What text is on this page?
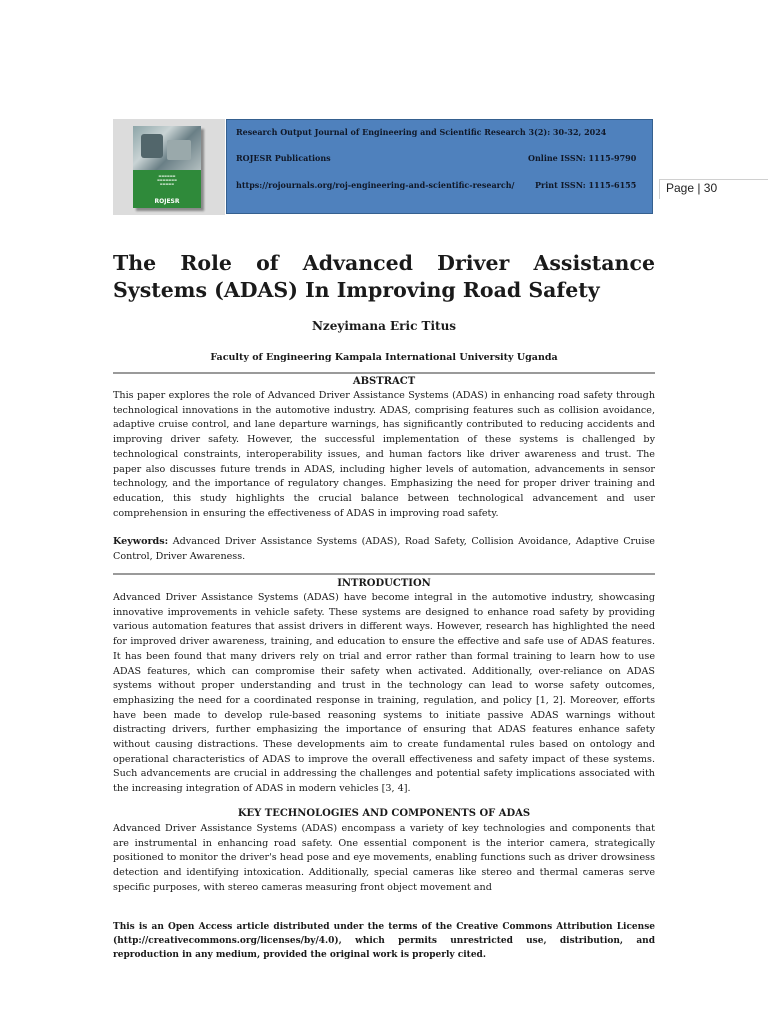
▬▬▬▬▬▬
▬▬▬▬▬▬▬
▬▬▬▬▬
ROJESR
Research Output Journal of Engineering and Scientific Research 3(2): 30-32, 2024
ROJESR Publications	Online ISSN: 1115-9790
https://rojournals.org/roj-engineering-and-scientific-research/	Print ISSN: 1115-6155 Page | 30
The Role of Advanced Driver Assistance Systems (ADAS) In Improving Road Safety
Nzeyimana Eric Titus
Faculty of Engineering Kampala International University Uganda
ABSTRACT

This paper explores the role of Advanced Driver Assistance Systems (ADAS) in enhancing road safety through technological innovations in the automotive industry. ADAS, comprising features such as collision avoidance, adaptive cruise control, and lane departure warnings, has significantly contributed to reducing accidents and improving driver safety. However, the successful implementation of these systems is challenged by technological constraints, interoperability issues, and human factors like driver awareness and trust. The paper also discusses future trends in ADAS, including higher levels of automation, advancements in sensor technology, and the importance of regulatory changes. Emphasizing the need for proper driver training and education, this study highlights the crucial balance between technological advancement and user comprehension in ensuring the effectiveness of ADAS in improving road safety.

Keywords: Advanced Driver Assistance Systems (ADAS), Road Safety, Collision Avoidance, Adaptive Cruise Control, Driver Awareness.

INTRODUCTION

Advanced Driver Assistance Systems (ADAS) have become integral in the automotive industry, showcasing innovative improvements in vehicle safety. These systems are designed to enhance road safety by providing various automation features that assist drivers in different ways. However, research has highlighted the need for improved driver awareness, training, and education to ensure the effective and safe use of ADAS features. It has been found that many drivers rely on trial and error rather than formal training to learn how to use ADAS features, which can compromise their safety when activated. Additionally, over-reliance on ADAS systems without proper understanding and trust in the technology can lead to worse safety outcomes, emphasizing the need for a coordinated response in training, regulation, and policy [1, 2]. Moreover, efforts have been made to develop rule-based reasoning systems to initiate passive ADAS warnings without distracting drivers, further emphasizing the importance of ensuring that ADAS features enhance safety without causing distractions. These developments aim to create fundamental rules based on ontology and operational characteristics of ADAS to improve the overall effectiveness and safety impact of these systems. Such advancements are crucial in addressing the challenges and potential safety implications associated with the increasing integration of ADAS in modern vehicles [3, 4].

KEY TECHNOLOGIES AND COMPONENTS OF ADAS

Advanced Driver Assistance Systems (ADAS) encompass a variety of key technologies and components that are instrumental in enhancing road safety. One essential component is the interior camera, strategically positioned to monitor the driver's head pose and eye movements, enabling functions such as driver drowsiness detection and identifying intoxication. Additionally, special cameras like stereo and thermal cameras serve specific purposes, with stereo cameras measuring front object movement and

This is an Open Access article distributed under the terms of the Creative Commons Attribution License (http://creativecommons.org/licenses/by/4.0), which permits unrestricted use, distribution, and reproduction in any medium, provided the original work is properly cited.
